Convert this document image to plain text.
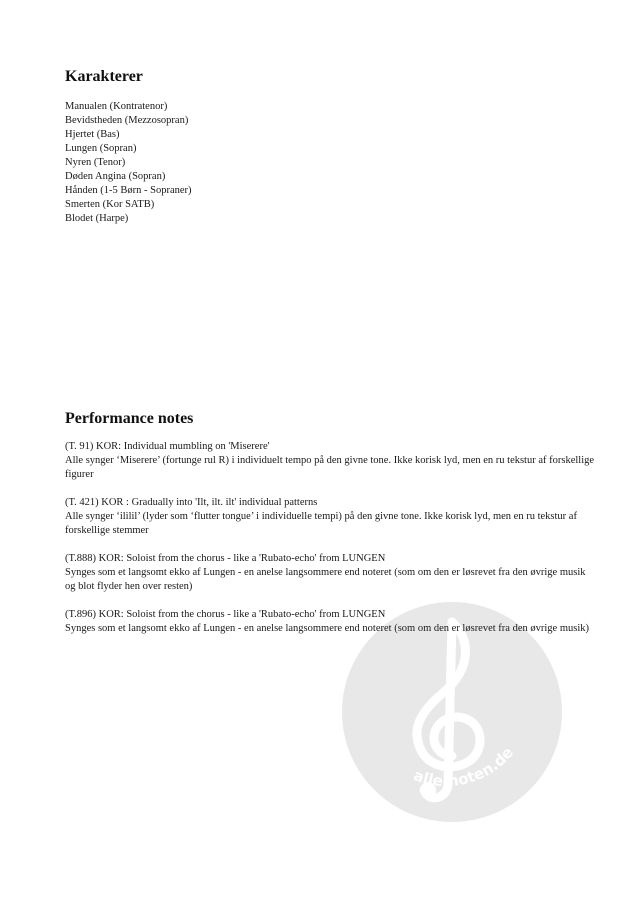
Karakterer
Manualen (Kontratenor)
Bevidstheden (Mezzosopran)
Hjertet (Bas)
Lungen (Sopran)
Nyren (Tenor)
Døden Angina (Sopran)
Hånden (1-5 Børn - Sopraner)
Smerten (Kor SATB)
Blodet (Harpe)
alle-noten.de
Performance notes

(T. 91) KOR: Individual mumbling on 'Miserere'

Alle synger ‘Miserere’ (fortunge rul R) i individuelt tempo på den givne tone. Ikke korisk lyd, men en ru tekstur af forskellige figurer

(T. 421) KOR : Gradually into 'Ilt, ilt. ilt' individual patterns

Alle synger ‘ililil’ (lyder som ‘flutter tongue’ i individuelle tempi) på den givne tone. Ikke korisk lyd, men en ru tekstur af forskellige stemmer

(T.888) KOR: Soloist from the chorus - like a 'Rubato-echo' from LUNGEN

Synges som et langsomt ekko af Lungen - en anelse langsommere end noteret (som om den er løsrevet fra den øvrige musik og blot flyder hen over resten)

(T.896) KOR: Soloist from the chorus - like a 'Rubato-echo' from LUNGEN

Synges som et langsomt ekko af Lungen - en anelse langsommere end noteret (som om den er løsrevet fra den øvrige musik)
